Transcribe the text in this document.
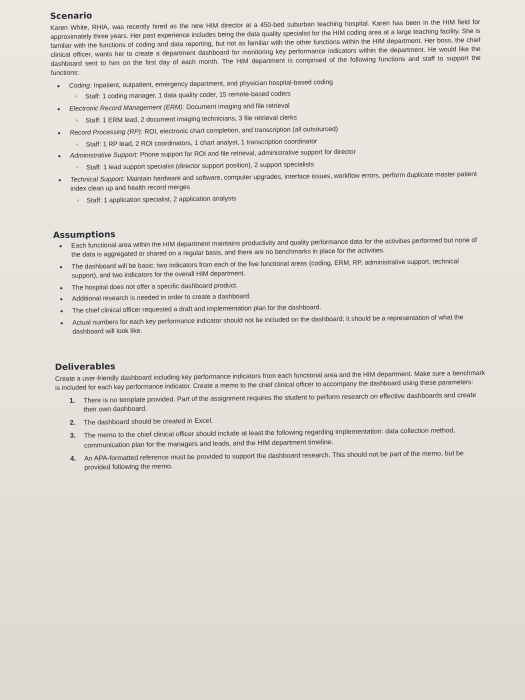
Scenario

Karen White, RHIA, was recently hired as the new HIM director at a 450-bed suburban teaching hospital. Karen has been in the HIM field for approximately three years. Her past experience includes being the data quality specialist for the HIM coding area at a large teaching facility. She is familiar with the functions of coding and data reporting, but not as familiar with the other functions within the HIM department. Her boss, the chief clinical officer, wants her to create a department dashboard for monitoring key performance indicators within the department. He would like the dashboard sent to him on the first day of each month. The HIM department is comprised of the following functions and staff to support the functions:

• Coding: Inpatient, outpatient, emergency department, and physician hospital-based coding
◦ Staff: 1 coding manager, 1 data quality coder, 15 remote-based coders
• Electronic Record Management (ERM): Document imaging and file retrieval
◦ Staff: 1 ERM lead, 2 document imaging technicians, 3 file retrieval clerks
• Record Processing (RP): ROI, electronic chart completion, and transcription (all outsourced)
◦ Staff: 1 RP lead, 2 ROI coordinators, 1 chart analyst, 1 transcription coordinator
• Administrative Support: Phone support for ROI and file retrieval, administrative support for director
◦ Staff: 1 lead support specialist (director support position), 2 support specialists
• Technical Support: Maintain hardware and software, computer upgrades, interface issues, workflow errors, perform duplicate master patient index clean up and health record merges
◦ Staff: 1 application specialist, 2 application analysts
Assumptions
• Each functional area within the HIM department maintains productivity and quality performance data for the activities performed but none of the data is aggregated or shared on a regular basis, and there are no benchmarks in place for the activities.
• The dashboard will be basic: two indicators from each of the five functional areas (coding, ERM, RP, administrative support, technical support), and two indicators for the overall HIM department.
• The hospital does not offer a specific dashboard product.
• Additional research is needed in order to create a dashboard.
• The chief clinical officer requested a draft and implementation plan for the dashboard.
• Actual numbers for each key performance indicator should not be included on the dashboard; it should be a representation of what the dashboard will look like.
Deliverables

Create a user-friendly dashboard including key performance indicators from each functional area and the HIM department. Make sure a benchmark is included for each key performance indicator. Create a memo to the chief clinical officer to accompany the dashboard using these parameters:

1. There is no template provided. Part of the assignment requires the student to perform research on effective dashboards and create their own dashboard.
2. The dashboard should be created in Excel.
3. The memo to the chief clinical officer should include at least the following regarding implementation: data collection method, communication plan for the managers and leads, and the HIM department timeline.
4. An APA-formatted reference must be provided to support the dashboard research. This should not be part of the memo, but be provided following the memo.
